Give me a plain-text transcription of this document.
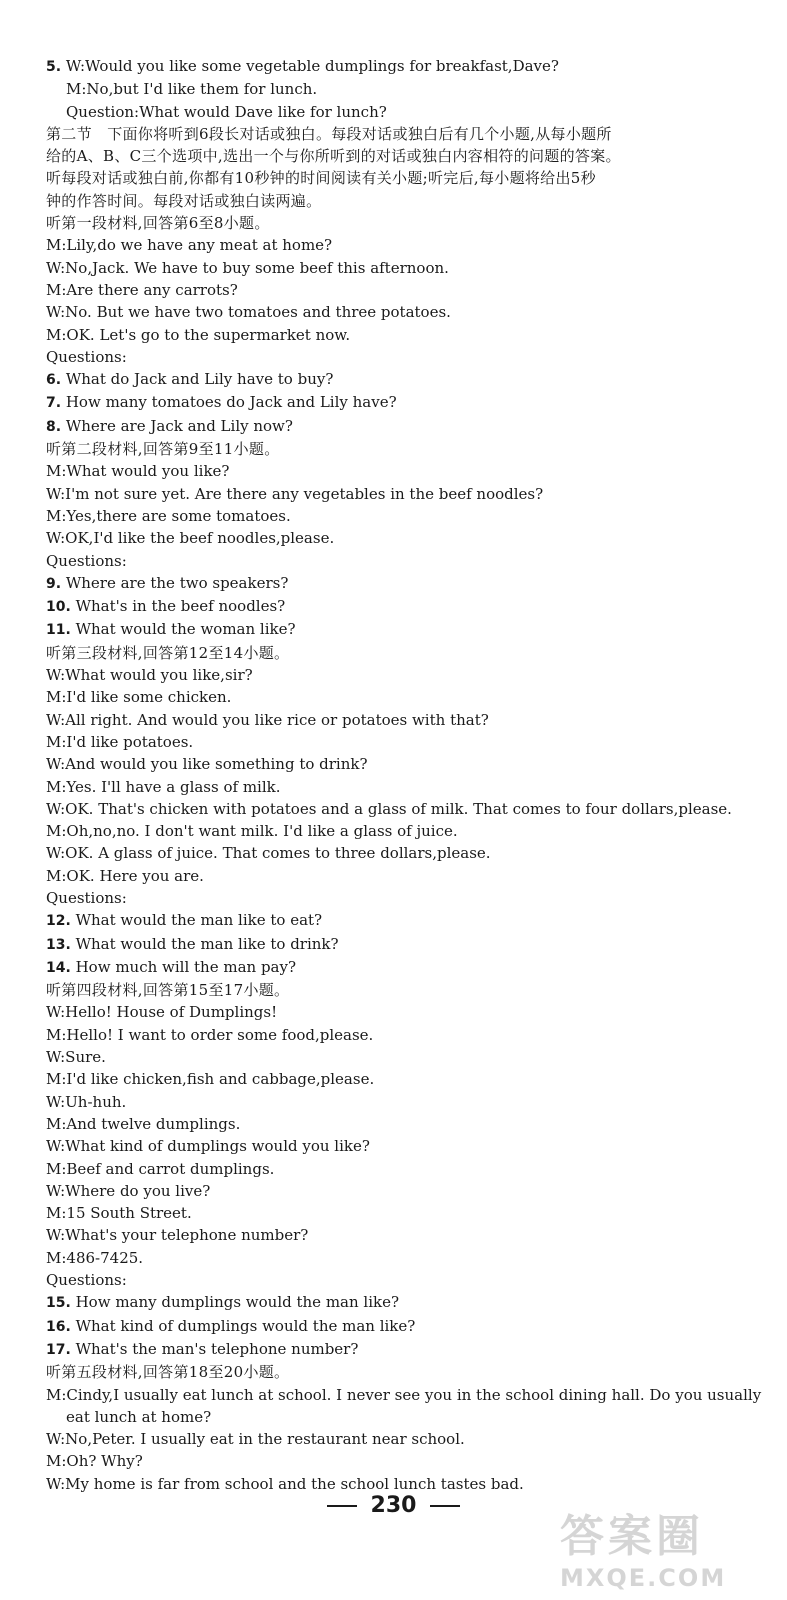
5. W:Would you like some vegetable dumplings for breakfast,Dave?
M:No,but I'd like them for lunch.
Question:What would Dave like for lunch?
第二节　下面你将听到6段长对话或独白。每段对话或独白后有几个小题,从每小题所
给的A、B、C三个选项中,选出一个与你所听到的对话或独白内容相符的问题的答案。
听每段对话或独白前,你都有10秒钟的时间阅读有关小题;听完后,每小题将给出5秒
钟的作答时间。每段对话或独白读两遍。
听第一段材料,回答第6至8小题。
M:Lily,do we have any meat at home?
W:No,Jack. We have to buy some beef this afternoon.
M:Are there any carrots?
W:No. But we have two tomatoes and three potatoes.
M:OK. Let's go to the supermarket now.
Questions:
6. What do Jack and Lily have to buy?
7. How many tomatoes do Jack and Lily have?
8. Where are Jack and Lily now?
听第二段材料,回答第9至11小题。
M:What would you like?
W:I'm not sure yet. Are there any vegetables in the beef noodles?
M:Yes,there are some tomatoes.
W:OK,I'd like the beef noodles,please.
Questions:
9. Where are the two speakers?
10. What's in the beef noodles?
11. What would the woman like?
听第三段材料,回答第12至14小题。
W:What would you like,sir?
M:I'd like some chicken.
W:All right. And would you like rice or potatoes with that?
M:I'd like potatoes.
W:And would you like something to drink?
M:Yes. I'll have a glass of milk.
W:OK. That's chicken with potatoes and a glass of milk. That comes to four dollars,please.
M:Oh,no,no. I don't want milk. I'd like a glass of juice.
W:OK. A glass of juice. That comes to three dollars,please.
M:OK. Here you are.
Questions:
12. What would the man like to eat?
13. What would the man like to drink?
14. How much will the man pay?
听第四段材料,回答第15至17小题。
W:Hello! House of Dumplings!
M:Hello! I want to order some food,please.
W:Sure.
M:I'd like chicken,fish and cabbage,please.
W:Uh-huh.
M:And twelve dumplings.
W:What kind of dumplings would you like?
M:Beef and carrot dumplings.
W:Where do you live?
M:15 South Street.
W:What's your telephone number?
M:486-7425.
Questions:
15. How many dumplings would the man like?
16. What kind of dumplings would the man like?
17. What's the man's telephone number?
听第五段材料,回答第18至20小题。
M:Cindy,I usually eat lunch at school. I never see you in the school dining hall. Do you usually
eat lunch at home?
W:No,Peter. I usually eat in the restaurant near school.
M:Oh? Why?
W:My home is far from school and the school lunch tastes bad.
230
答案圈
MXQE.COM
